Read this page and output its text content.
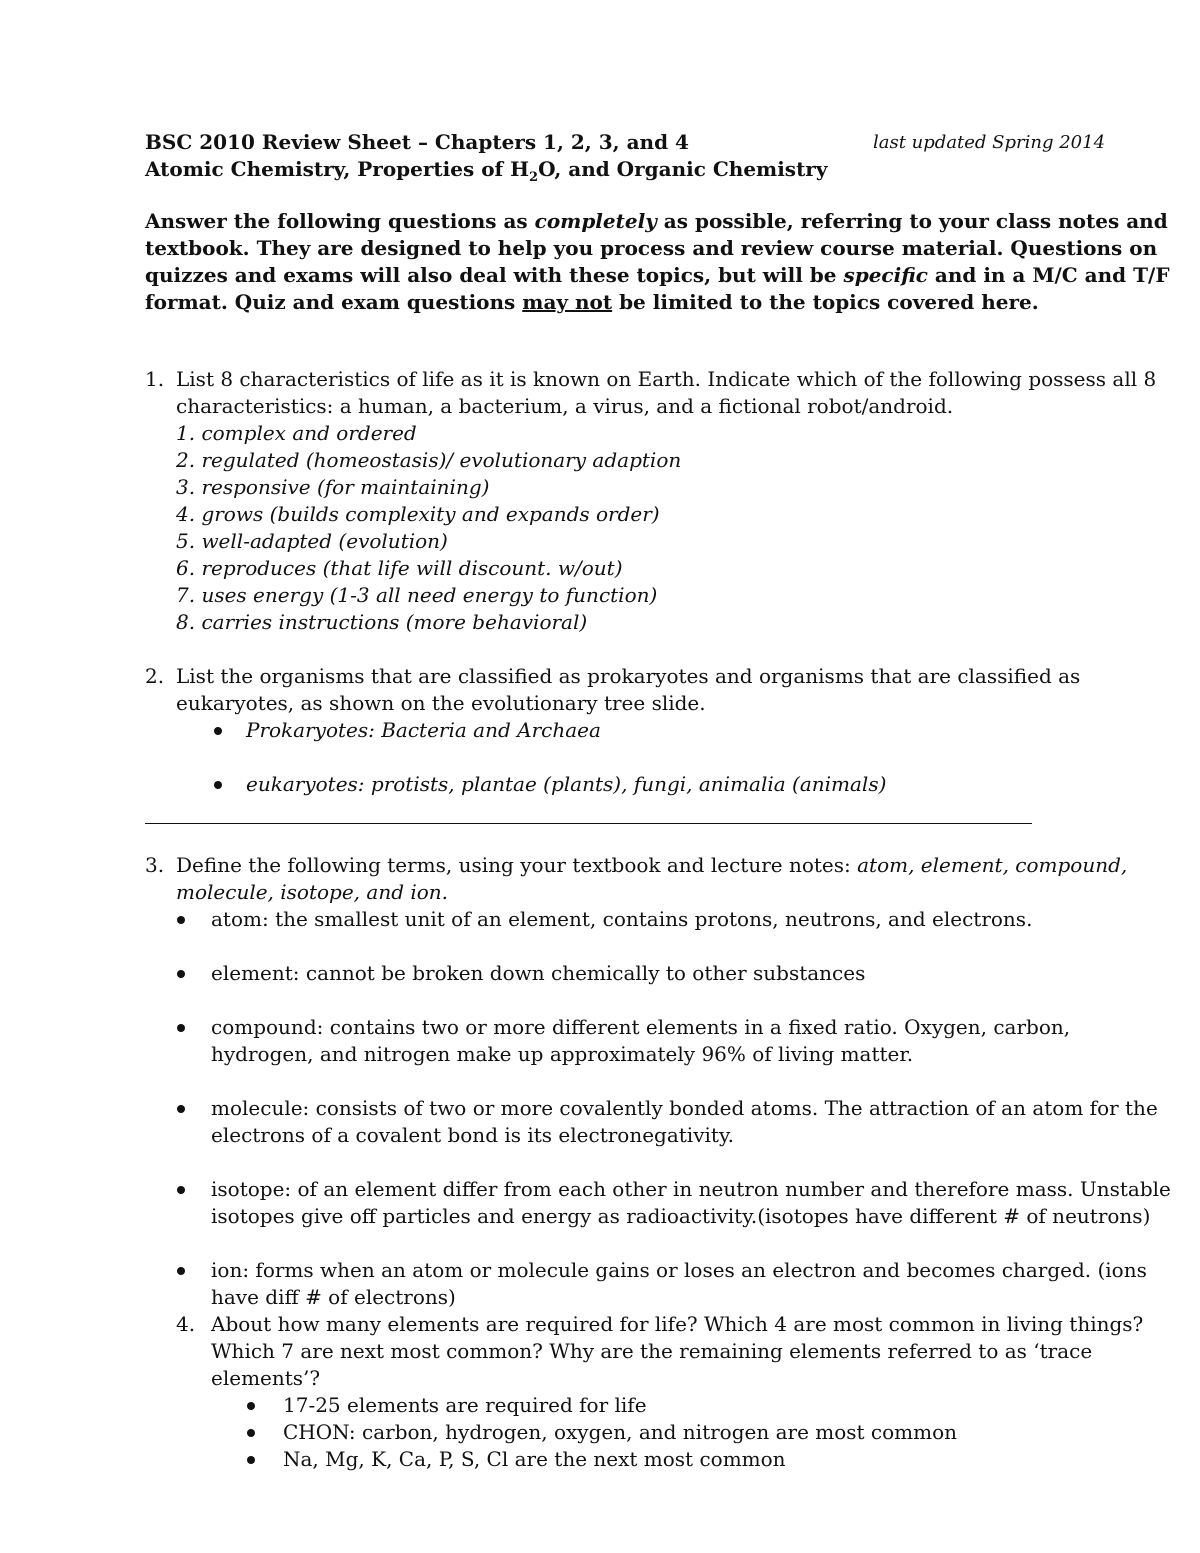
BSC 2010 Review Sheet – Chapters 1, 2, 3, and 4	last updated Spring 2014
Atomic Chemistry, Properties of $H_2O$, and Organic Chemistry
Answer the following questions as completely as possible, referring to your class notes and
textbook. They are designed to help you process and review course material. Questions on
quizzes and exams will also deal with these topics, but will be specific and in a M/C and T/F
format. Quiz and exam questions may not be limited to the topics covered here.
1. List 8 characteristics of life as it is known on Earth. Indicate which of the following possess all 8
characteristics: a human, a bacterium, a virus, and a fictional robot/android.
1. complex and ordered
2. regulated (homeostasis)/ evolutionary adaption
3. responsive (for maintaining)
4. grows (builds complexity and expands order)
5. well-adapted (evolution)
6. reproduces (that life will discount. w/out)
7. uses energy (1-3 all need energy to function)
8. carries instructions (more behavioral)
2. List the organisms that are classified as prokaryotes and organisms that are classified as
eukaryotes, as shown on the evolutionary tree slide.
Prokaryotes: Bacteria and Archaea
eukaryotes: protists, plantae (plants), fungi, animalia (animals)
3. Define the following terms, using your textbook and lecture notes: atom, element, compound,
molecule, isotope, and ion.
atom: the smallest unit of an element, contains protons, neutrons, and electrons.
element: cannot be broken down chemically to other substances
compound: contains two or more different elements in a fixed ratio. Oxygen, carbon,
hydrogen, and nitrogen make up approximately 96% of living matter.
molecule: consists of two or more covalently bonded atoms. The attraction of an atom for the
electrons of a covalent bond is its electronegativity.
isotope: of an element differ from each other in neutron number and therefore mass. Unstable
isotopes give off particles and energy as radioactivity.(isotopes have different # of neutrons)
ion: forms when an atom or molecule gains or loses an electron and becomes charged. (ions
have diff # of electrons)
4. About how many elements are required for life? Which 4 are most common in living things?
Which 7 are next most common? Why are the remaining elements referred to as ‘trace
elements’?
17-25 elements are required for life
CHON: carbon, hydrogen, oxygen, and nitrogen are most common
Na, Mg, K, Ca, P, S, Cl are the next most common
